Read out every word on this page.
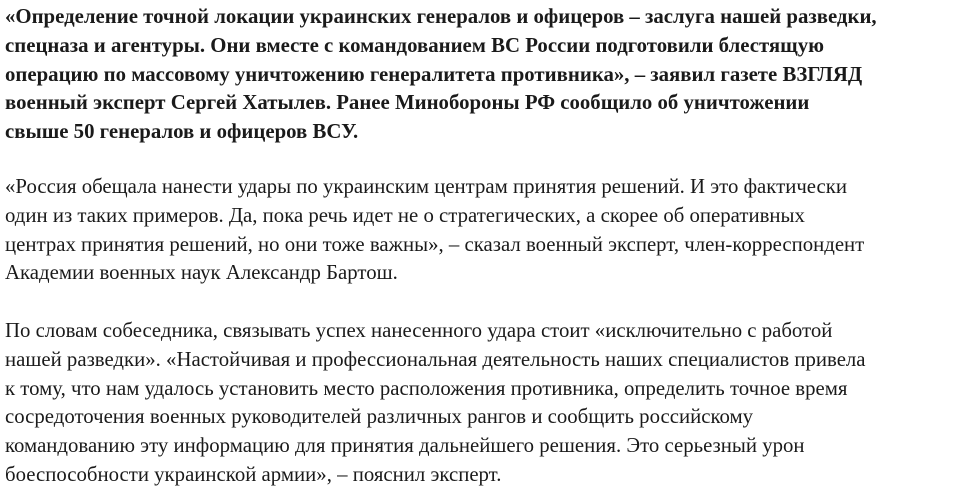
«Определение точной локации украинских генералов и офицеров – заслуга нашей разведки,
спецназа и агентуры. Они вместе с командованием ВС России подготовили блестящую
операцию по массовому уничтожению генералитета противника», – заявил газете ВЗГЛЯД
военный эксперт Сергей Хатылев. Ранее Минобороны РФ сообщило об уничтожении
свыше 50 генералов и офицеров ВСУ.

«Россия обещала нанести удары по украинским центрам принятия решений. И это фактически
один из таких примеров. Да, пока речь идет не о стратегических, а скорее об оперативных
центрах принятия решений, но они тоже важны», – сказал военный эксперт, член-корреспондент
Академии военных наук Александр Бартош.

По словам собеседника, связывать успех нанесенного удара стоит «исключительно с работой
нашей разведки». «Настойчивая и профессиональная деятельность наших специалистов привела
к тому, что нам удалось установить место расположения противника, определить точное время
сосредоточения военных руководителей различных рангов и сообщить российскому
командованию эту информацию для принятия дальнейшего решения. Это серьезный урон
боеспособности украинской армии», – пояснил эксперт.
